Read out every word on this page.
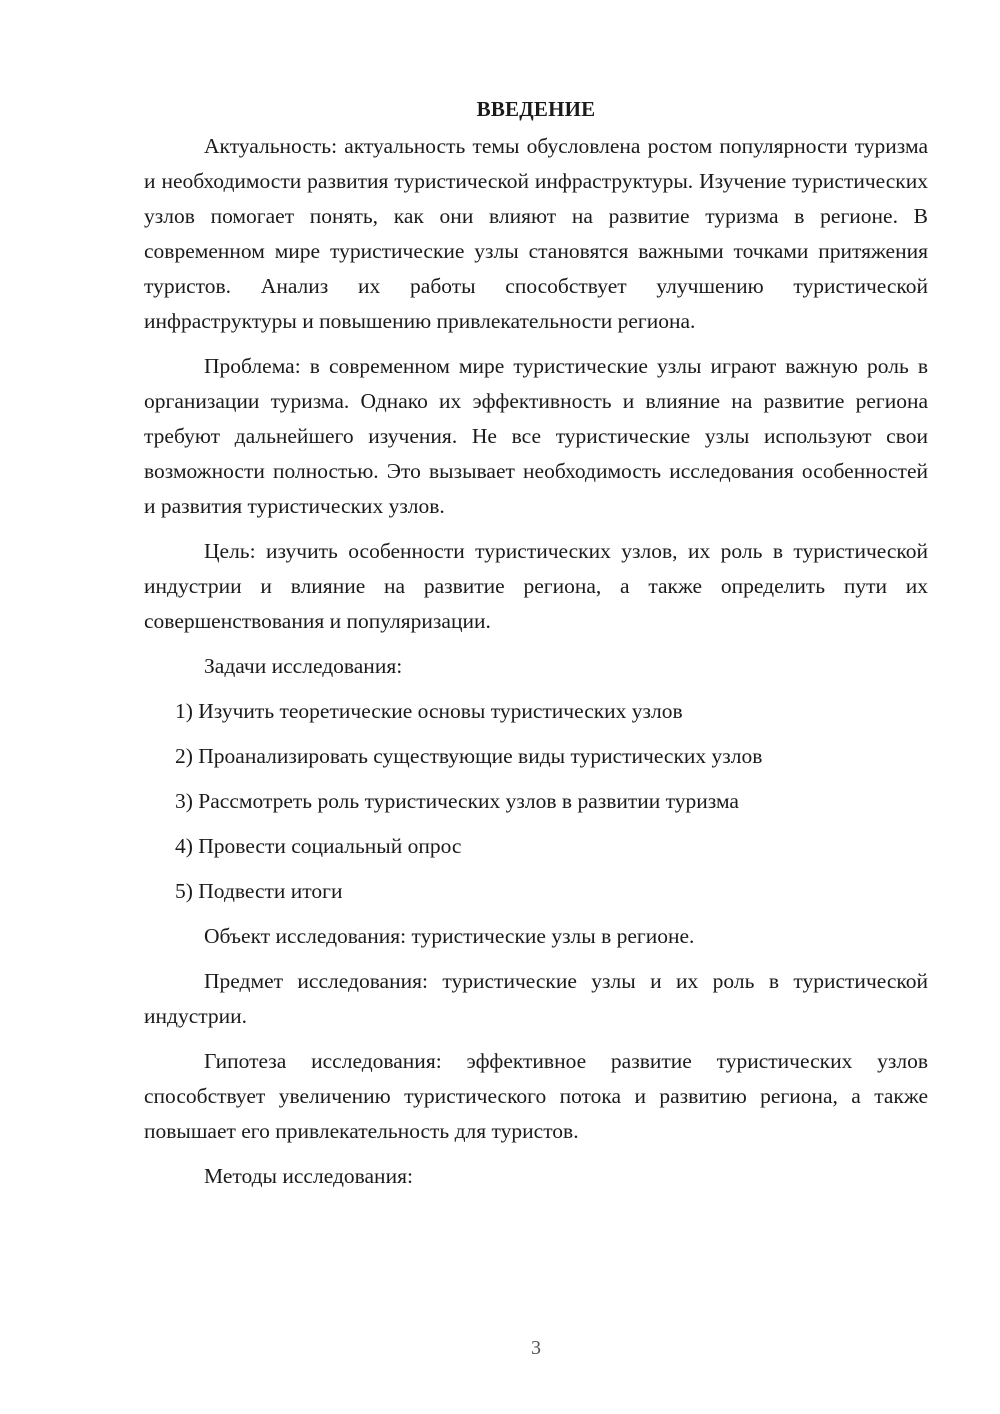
ВВЕДЕНИЕ

Актуальность: актуальность темы обусловлена ростом популярности туризма и необходимости развития туристической инфраструктуры. Изучение туристических узлов помогает понять, как они влияют на развитие туризма в регионе. В современном мире туристические узлы становятся важными точками притяжения туристов. Анализ их работы способствует улучшению туристической инфраструктуры и повышению привлекательности региона.

Проблема: в современном мире туристические узлы играют важную роль в организации туризма. Однако их эффективность и влияние на развитие региона требуют дальнейшего изучения. Не все туристические узлы используют свои возможности полностью. Это вызывает необходимость исследования особенностей и развития туристических узлов.

Цель: изучить особенности туристических узлов, их роль в туристической индустрии и влияние на развитие региона, а также определить пути их совершенствования и популяризации.

Задачи исследования:

1) Изучить теоретические основы туристических узлов
2) Проанализировать существующие виды туристических узлов
3) Рассмотреть роль туристических узлов в развитии туризма
4) Провести социальный опрос
5) Подвести итоги

Объект исследования: туристические узлы в регионе.

Предмет исследования: туристические узлы и их роль в туристической индустрии.

Гипотеза исследования: эффективное развитие туристических узлов способствует увеличению туристического потока и развитию региона, а также повышает его привлекательность для туристов.

Методы исследования:

3
